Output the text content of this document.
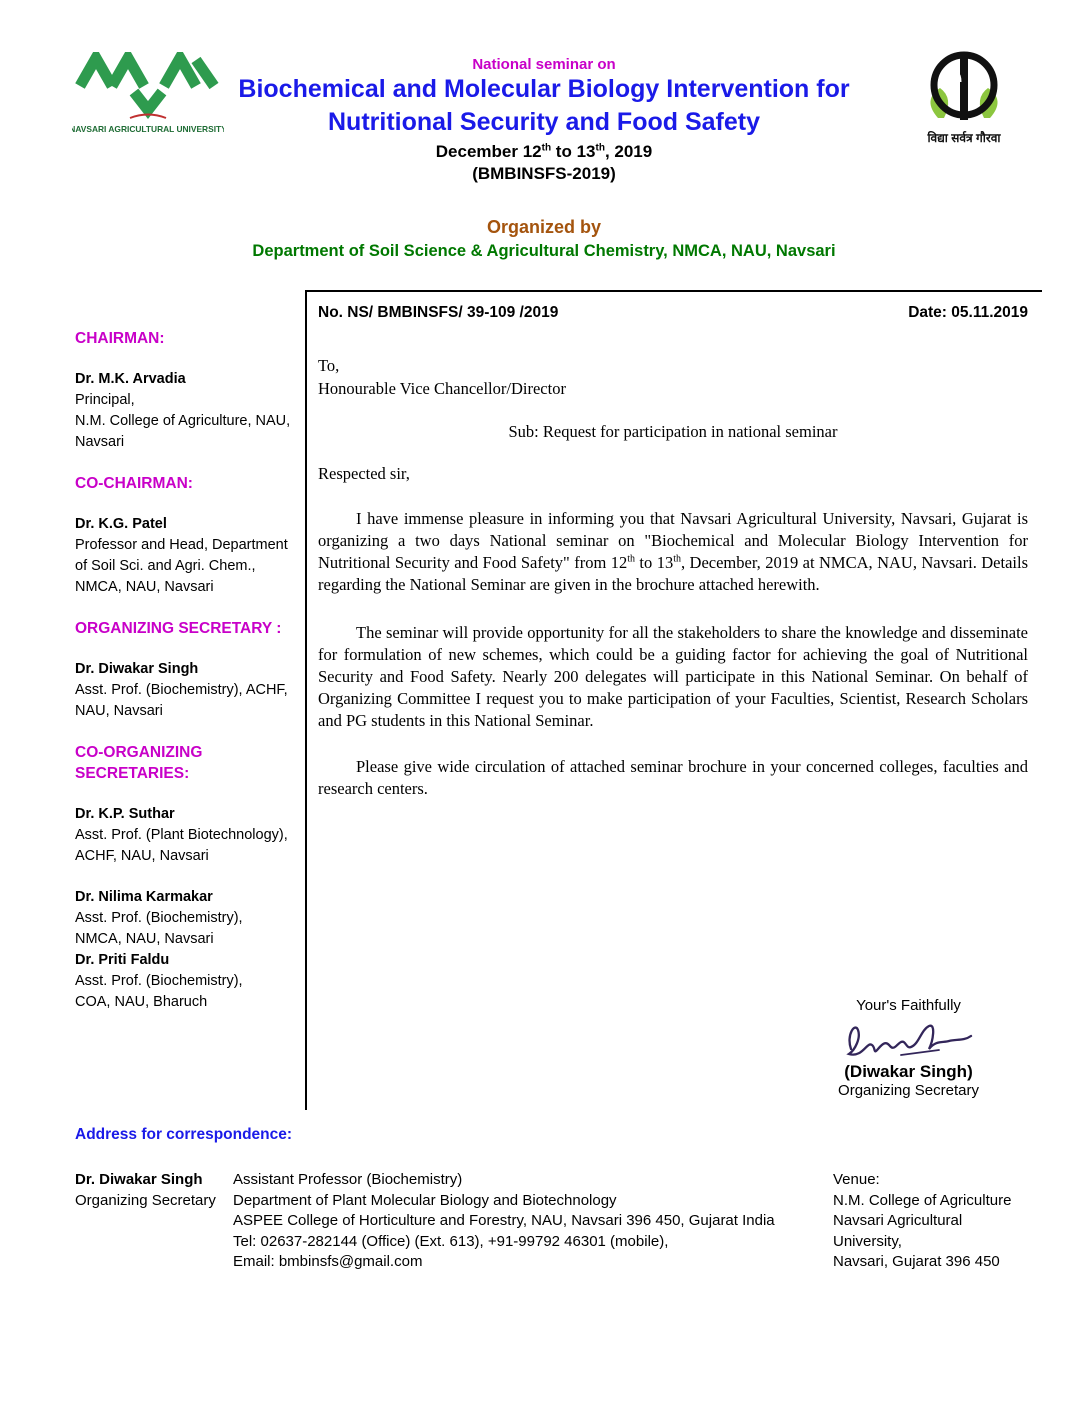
NAVSARI AGRICULTURAL UNIVERSITY
विद्या सर्वत्र गौरवा
National seminar on
Biochemical and Molecular Biology Intervention for
Nutritional Security and Food Safety
December 12th to 13th, 2019
(BMBINSFS-2019)
Organized by
Department of Soil Science & Agricultural Chemistry, NMCA, NAU, Navsari
CHAIRMAN:
Dr. M.K. Arvadia
Principal,
N.M. College of Agriculture, NAU,
Navsari
CO-CHAIRMAN:
Dr. K.G. Patel
Professor and Head, Department
of Soil Sci. and Agri. Chem.,
NMCA, NAU, Navsari
ORGANIZING SECRETARY :
Dr. Diwakar Singh
Asst. Prof. (Biochemistry), ACHF,
NAU, Navsari
CO-ORGANIZING
SECRETARIES:
Dr. K.P. Suthar
Asst. Prof. (Plant Biotechnology),
ACHF, NAU, Navsari
Dr. Nilima Karmakar
Asst. Prof. (Biochemistry),
NMCA, NAU, Navsari
Dr. Priti Faldu
Asst. Prof. (Biochemistry),
COA, NAU, Bharuch
No. NS/ BMBINSFS/ 39-109 /2019	Date: 05.11.2019
To,
Honourable Vice Chancellor/Director
Sub: Request for participation in national seminar
Respected sir,
I have immense pleasure in informing you that Navsari Agricultural University, Navsari, Gujarat is organizing a two days National seminar on "Biochemical and Molecular Biology Intervention for Nutritional Security and Food Safety" from 12th to 13th, December, 2019 at NMCA, NAU, Navsari. Details regarding the National Seminar are given in the brochure attached herewith.
The seminar will provide opportunity for all the stakeholders to share the knowledge and disseminate for formulation of new schemes, which could be a guiding factor for achieving the goal of Nutritional Security and Food Safety. Nearly 200 delegates will participate in this National Seminar. On behalf of Organizing Committee I request you to make participation of your Faculties, Scientist, Research Scholars and PG students in this National Seminar.
Please give wide circulation of attached seminar brochure in your concerned colleges, faculties and research centers.
Your's Faithfully
(Diwakar Singh)
Organizing Secretary
Address for correspondence:
Dr. Diwakar Singh
Organizing Secretary
Assistant Professor (Biochemistry)
Department of Plant Molecular Biology and Biotechnology
ASPEE College of Horticulture and Forestry, NAU, Navsari 396 450, Gujarat India
Tel: 02637-282144 (Office) (Ext. 613), +91-99792 46301 (mobile),
Email: bmbinsfs@gmail.com
Venue:
N.M. College of Agriculture
Navsari Agricultural University,
Navsari, Gujarat 396 450
